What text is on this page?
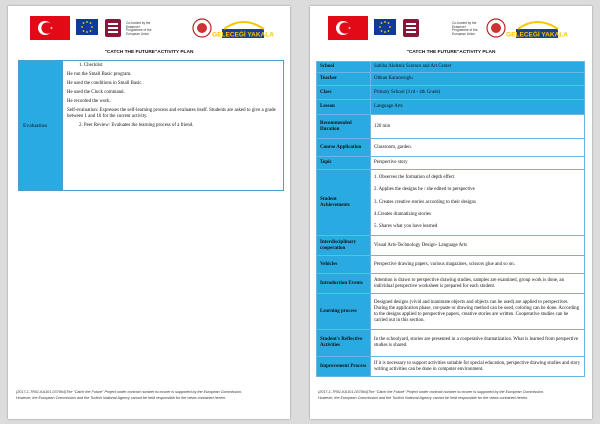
Co-funded by the Erasmus+ Programme of the European Union	GELECEĞİ YAKALA
"CATCH THE FUTURE"ACTIVITY PLAN
Evaluation
1. Checklist
He run the Small Basic program.
He used the conditions in Small Basic.
He used the Clock command.
He recorded the work.
Self-evaluation: Expresses the self-learning process and evaluates itself. Students are asked to give a grade between 1 and 10 for the current activity.
2. Peer Review: Evaluates the learning process of a friend.
(2017-1-TR01-KA101-037964)The "Catch the Future" Project under contract number is=ncurer is supported by the European Commission. However, the European Commission and the Turkish National Agency cannot be held responsible for the views contained herein.
Co-funded by the Erasmus+ Programme of the European Union	GELECEĞİ YAKALA
"CATCH THE FUTURE"ACTIVITY PLAN
School	Sabiha Akdeniz Science and Art Center
Teacher	Oltkan Karaceroglu
Class	Primary School (3 rd - 4th Grade)
Lesson	Language Arts
Recommended Duration	120 min
Course Application	Classroom, garden.
Topic	Perspective story
Student Achievements	1. Observes the formation of depth effect
2. Applies the designs he / she edited to perspective
3. Creates creative stories according to their designs
4.Creates dramatizing stories
5. Shares what you have learned

Interdisciplinary cooperation	Visual Arts-Technology Design- Language Arts
Vehicles	Perspective drawing papers, various magazines, scissors glue and so on.
Introduction Events	Attention is drawn to perspective drawing studies, samples are examined, group work is done, an individual perspective worksheet is prepared for each student.
Learning process	Designed designs (vivid and inanimate objects and objects can be used) are applied to perspectives. During the application phase, cut-paste or drawing method can be used, coloring can be done. According to the designs applied to perspective papers, creative stories are written. Cooperative studies can be carried out in this section.
Student's Reflective Activities	In the schoolyard, stories are presented in a cooperative dramatization. What is learned from perspective studies is shared.
Improvement Process	If it is necessary to support activities suitable for special education, perspective drawing studies and story writing activities can be done in computer environment.
(2017-1-TR01-KA101-037964)The "Catch the Future" Project under contract number is=ncurer is supported by the European Commission. However, the European Commission and the Turkish National Agency cannot be held responsible for the views contained herein.
